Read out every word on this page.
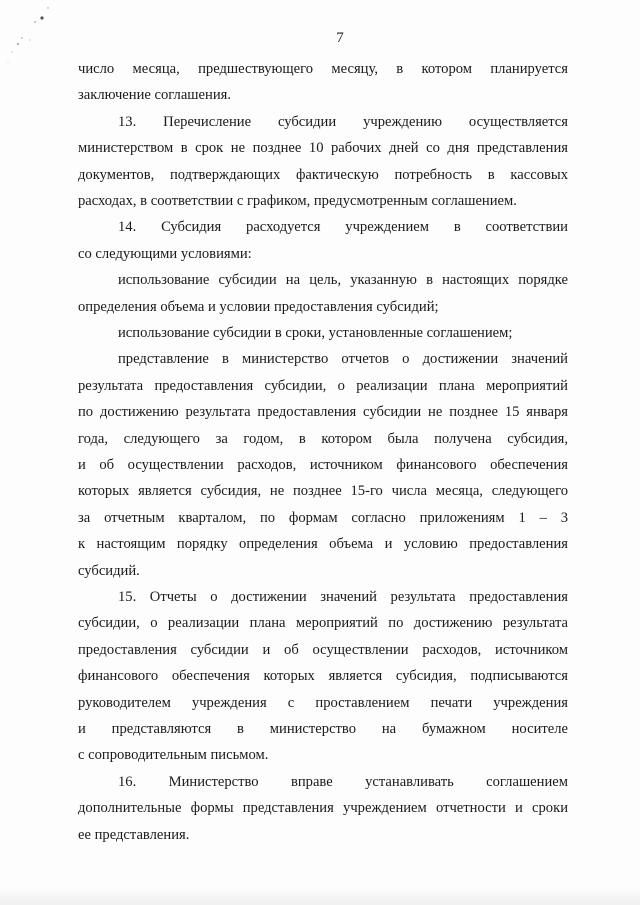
7
число месяца, предшествующего месяцу, в котором планируется
заключение соглашения.
13. Перечисление субсидии учреждению осуществляется
министерством в срок не позднее 10 рабочих дней со дня представления
документов, подтверждающих фактическую потребность в кассовых
расходах, в соответствии с графиком, предусмотренным соглашением.
14. Субсидия расходуется учреждением в соответствии
со следующими условиями:
использование субсидии на цель, указанную в настоящих порядке
определения объема и условии предоставления субсидий;
использование субсидии в сроки, установленные соглашением;
представление в министерство отчетов о достижении значений
результата предоставления субсидии, о реализации плана мероприятий
по достижению результата предоставления субсидии не позднее 15 января
года, следующего за годом, в котором была получена субсидия,
и об осуществлении расходов, источником финансового обеспечения
которых является субсидия, не позднее 15-го числа месяца, следующего
за отчетным кварталом, по формам согласно приложениям 1 – 3
к настоящим порядку определения объема и условию предоставления
субсидий.
15. Отчеты о достижении значений результата предоставления
субсидии, о реализации плана мероприятий по достижению результата
предоставления субсидии и об осуществлении расходов, источником
финансового обеспечения которых является субсидия, подписываются
руководителем учреждения с проставлением печати учреждения
и представляются в министерство на бумажном носителе
с сопроводительным письмом.
16. Министерство вправе устанавливать соглашением
дополнительные формы представления учреждением отчетности и сроки
ее представления.
